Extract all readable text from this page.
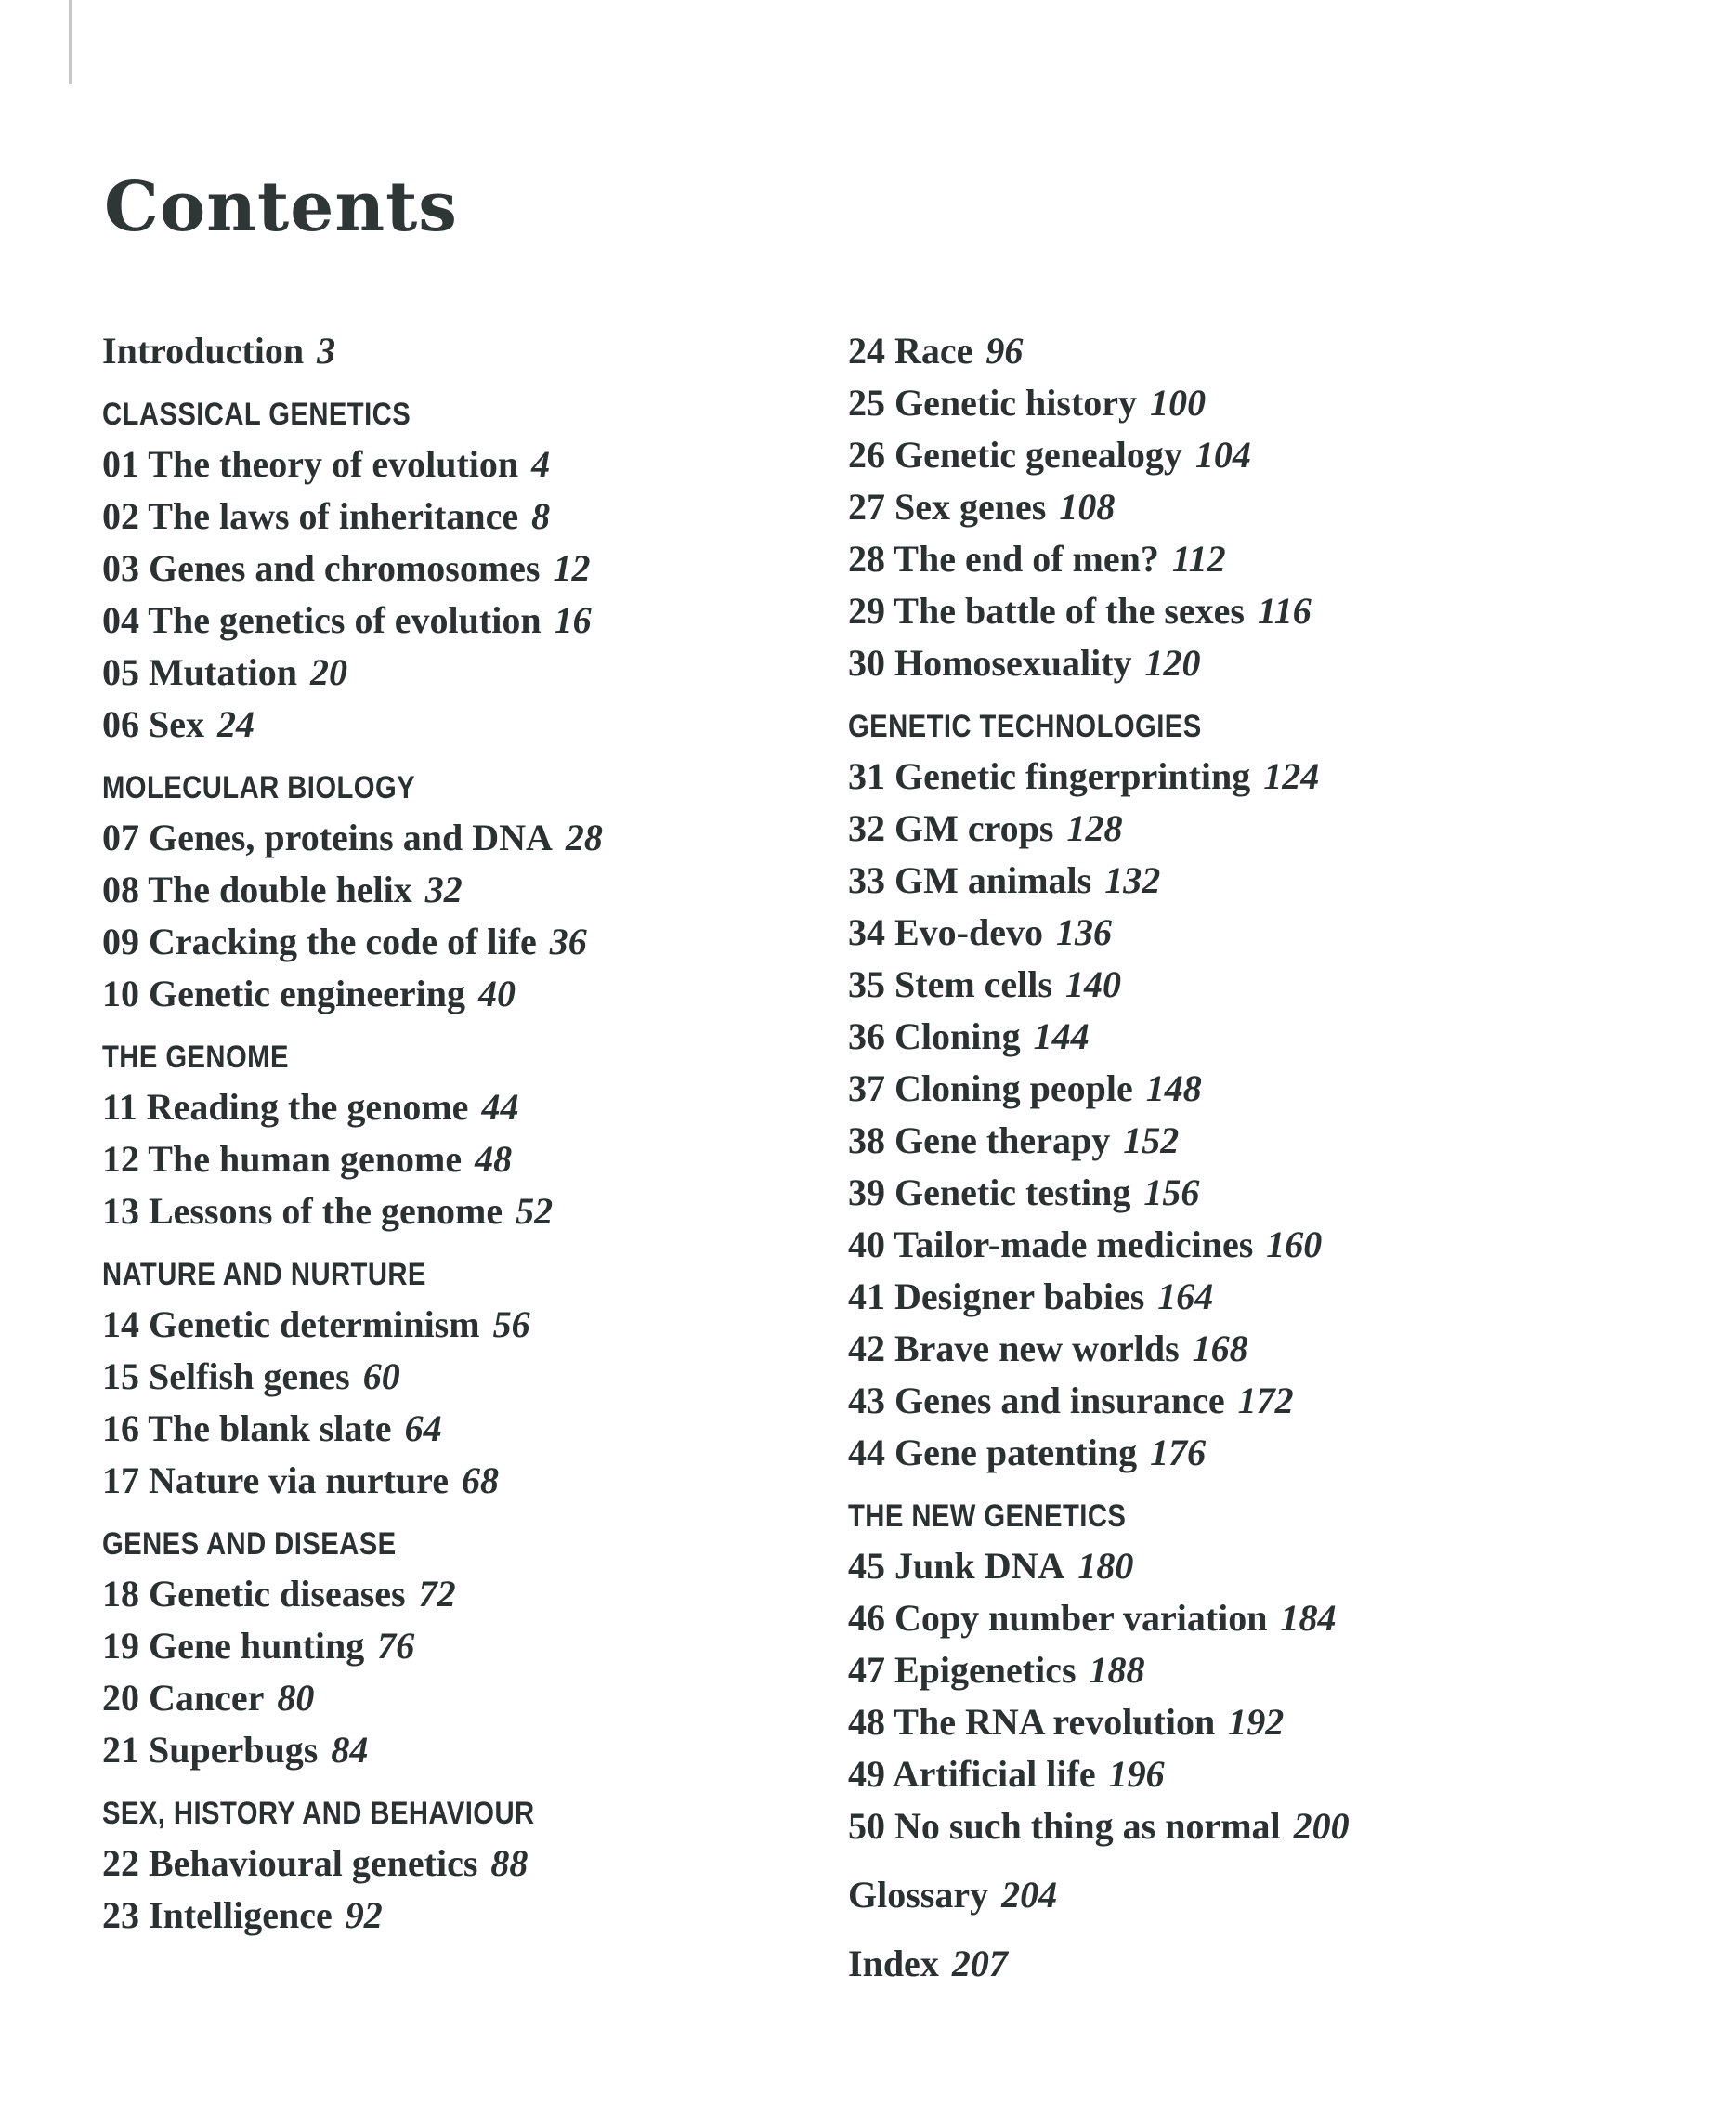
Contents
Introduction 3
CLASSICAL GENETICS
01 The theory of evolution 4
02 The laws of inheritance 8
03 Genes and chromosomes 12
04 The genetics of evolution 16
05 Mutation 20
06 Sex 24
MOLECULAR BIOLOGY
07 Genes, proteins and DNA 28
08 The double helix 32
09 Cracking the code of life 36
10 Genetic engineering 40
THE GENOME
11 Reading the genome 44
12 The human genome 48
13 Lessons of the genome 52
NATURE AND NURTURE
14 Genetic determinism 56
15 Selfish genes 60
16 The blank slate 64
17 Nature via nurture 68
GENES AND DISEASE
18 Genetic diseases 72
19 Gene hunting 76
20 Cancer 80
21 Superbugs 84
SEX, HISTORY AND BEHAVIOUR
22 Behavioural genetics 88
23 Intelligence 92
24 Race 96
25 Genetic history 100
26 Genetic genealogy 104
27 Sex genes 108
28 The end of men? 112
29 The battle of the sexes 116
30 Homosexuality 120
GENETIC TECHNOLOGIES
31 Genetic fingerprinting 124
32 GM crops 128
33 GM animals 132
34 Evo-devo 136
35 Stem cells 140
36 Cloning 144
37 Cloning people 148
38 Gene therapy 152
39 Genetic testing 156
40 Tailor-made medicines 160
41 Designer babies 164
42 Brave new worlds 168
43 Genes and insurance 172
44 Gene patenting 176
THE NEW GENETICS
45 Junk DNA 180
46 Copy number variation 184
47 Epigenetics 188
48 The RNA revolution 192
49 Artificial life 196
50 No such thing as normal 200
Glossary 204
Index 207
